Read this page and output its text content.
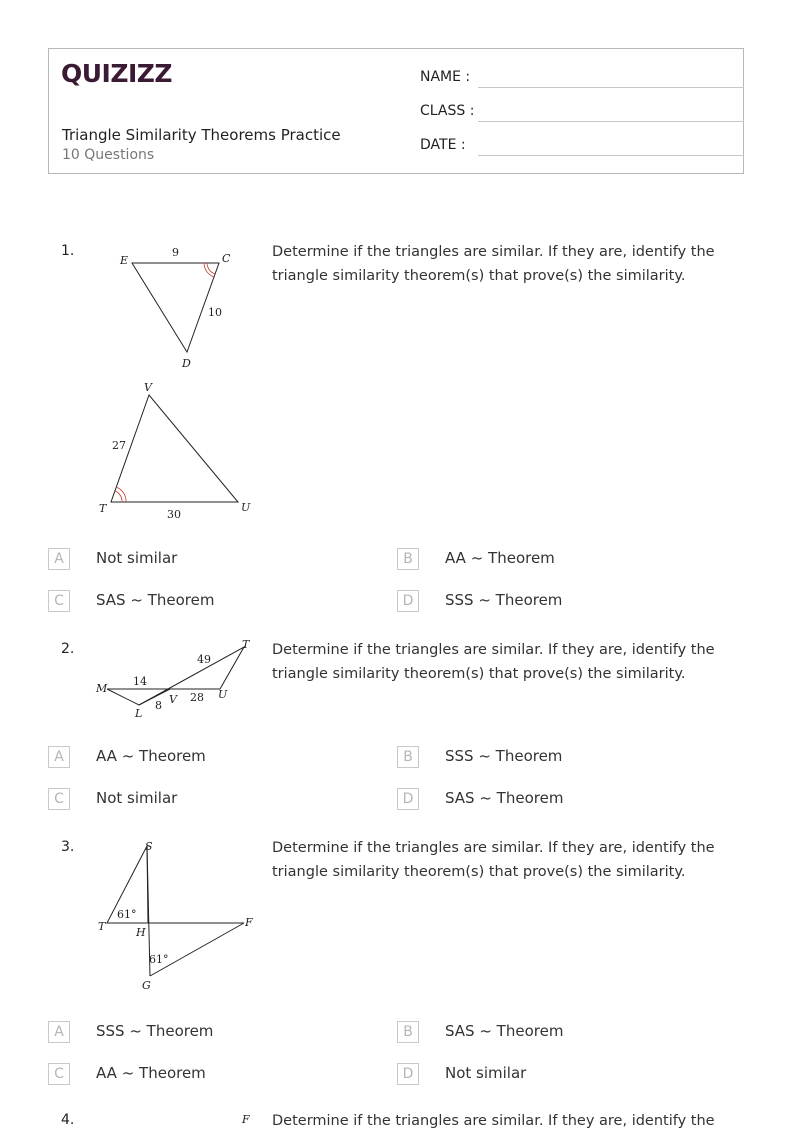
QUIZIZZ
Triangle Similarity Theorems Practice
10 Questions
NAME :
CLASS :
DATE :
1.	Determine if the triangles are similar. If they are, identify the triangle similarity theorem(s) that prove(s) the similarity.
E
9	C
10
D
V
27
T	30
U
A	Not similar	B	AA ~ Theorem
C	SAS ~ Theorem	D	SSS ~ Theorem
2.	Determine if the triangles are similar. If they are, identify the triangle similarity theorem(s) that prove(s) the similarity.
T
49
M
14
U
28
V
8
L
A	AA ~ Theorem	B	SSS ~ Theorem
C	Not similar	D	SAS ~ Theorem
3.	Determine if the triangles are similar. If they are, identify the triangle similarity theorem(s) that prove(s) the similarity.
S
61°
T	H
F
61°
G
A	SSS ~ Theorem	B	SAS ~ Theorem
C	AA ~ Theorem	D	Not similar
4.	Determine if the triangles are similar. If they are, identify the
F
